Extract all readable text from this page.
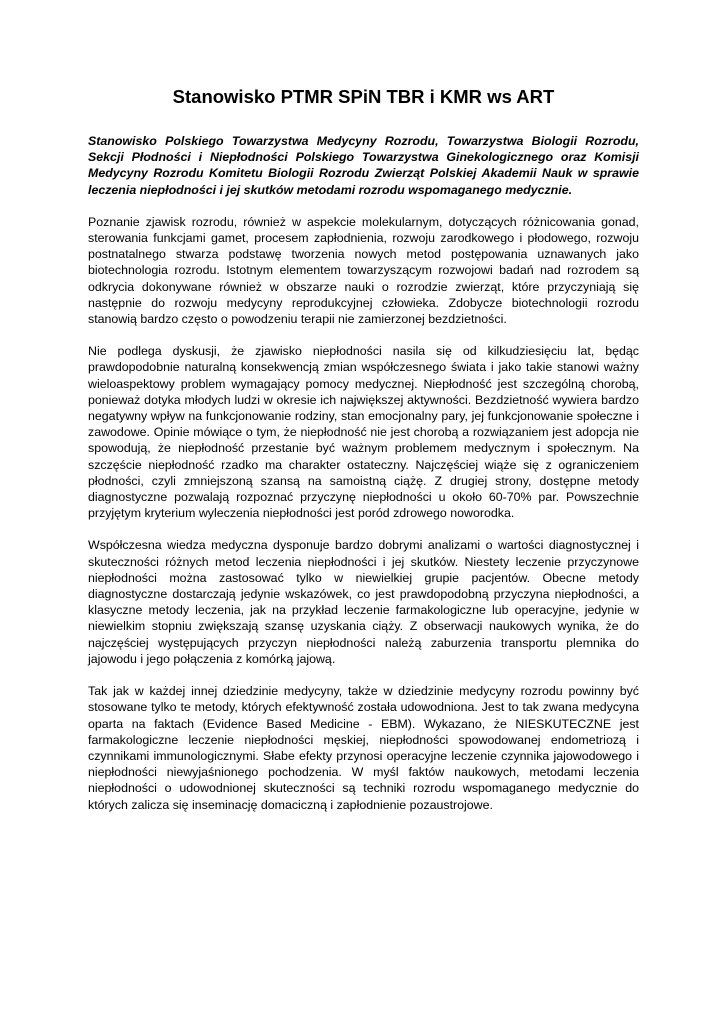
Stanowisko PTMR SPiN TBR i KMR ws ART

Stanowisko Polskiego Towarzystwa Medycyny Rozrodu, Towarzystwa Biologii Rozrodu, Sekcji Płodności i Niepłodności Polskiego Towarzystwa Ginekologicznego oraz Komisji Medycyny Rozrodu Komitetu Biologii Rozrodu Zwierząt Polskiej Akademii Nauk w sprawie leczenia niepłodności i jej skutków metodami rozrodu wspomaganego medycznie.

Poznanie zjawisk rozrodu, również w aspekcie molekularnym, dotyczących różnicowania gonad, sterowania funkcjami gamet, procesem zapłodnienia, rozwoju zarodkowego i płodowego, rozwoju postnatalnego stwarza podstawę tworzenia nowych metod postępowania uznawanych jako biotechnologia rozrodu. Istotnym elementem towarzyszącym rozwojowi badań nad rozrodem są odkrycia dokonywane również w obszarze nauki o rozrodzie zwierząt, które przyczyniają się następnie do rozwoju medycyny reprodukcyjnej człowieka. Zdobycze biotechnologii rozrodu stanowią bardzo często o powodzeniu terapii nie zamierzonej bezdzietności.

Nie podlega dyskusji, że zjawisko niepłodności nasila się od kilkudziesięciu lat, będąc prawdopodobnie naturalną konsekwencją zmian współczesnego świata i jako takie stanowi ważny wieloaspektowy problem wymagający pomocy medycznej. Niepłodność jest szczególną chorobą, ponieważ dotyka młodych ludzi w okresie ich największej aktywności. Bezdzietność wywiera bardzo negatywny wpływ na funkcjonowanie rodziny, stan emocjonalny pary, jej funkcjonowanie społeczne i zawodowe. Opinie mówiące o tym, że niepłodność nie jest chorobą a rozwiązaniem jest adopcja nie spowodują, że niepłodność przestanie być ważnym problemem medycznym i społecznym. Na szczęście niepłodność rzadko ma charakter ostateczny. Najczęściej wiąże się z ograniczeniem płodności, czyli zmniejszoną szansą na samoistną ciążę. Z drugiej strony, dostępne metody diagnostyczne pozwalają rozpoznać przyczynę niepłodności u około 60-70% par. Powszechnie przyjętym kryterium wyleczenia niepłodności jest poród zdrowego noworodka.

Współczesna wiedza medyczna dysponuje bardzo dobrymi analizami o wartości diagnostycznej i skuteczności różnych metod leczenia niepłodności i jej skutków. Niestety leczenie przyczynowe niepłodności można zastosować tylko w niewielkiej grupie pacjentów. Obecne metody diagnostyczne dostarczają jedynie wskazówek, co jest prawdopodobną przyczyna niepłodności, a klasyczne metody leczenia, jak na przykład leczenie farmakologiczne lub operacyjne, jedynie w niewielkim stopniu zwiększają szansę uzyskania ciąży. Z obserwacji naukowych wynika, że do najczęściej występujących przyczyn niepłodności należą zaburzenia transportu plemnika do jajowodu i jego połączenia z komórką jajową.

Tak jak w każdej innej dziedzinie medycyny, także w dziedzinie medycyny rozrodu powinny być stosowane tylko te metody, których efektywność została udowodniona. Jest to tak zwana medycyna oparta na faktach (Evidence Based Medicine - EBM). Wykazano, że NIESKUTECZNE jest farmakologiczne leczenie niepłodności męskiej, niepłodności spowodowanej endometriozą i czynnikami immunologicznymi. Słabe efekty przynosi operacyjne leczenie czynnika jajowodowego i niepłodności niewyjaśnionego pochodzenia. W myśl faktów naukowych, metodami leczenia niepłodności o udowodnionej skuteczności są techniki rozrodu wspomaganego medycznie do których zalicza się inseminację domaciczną i zapłodnienie pozaustrojowe.
